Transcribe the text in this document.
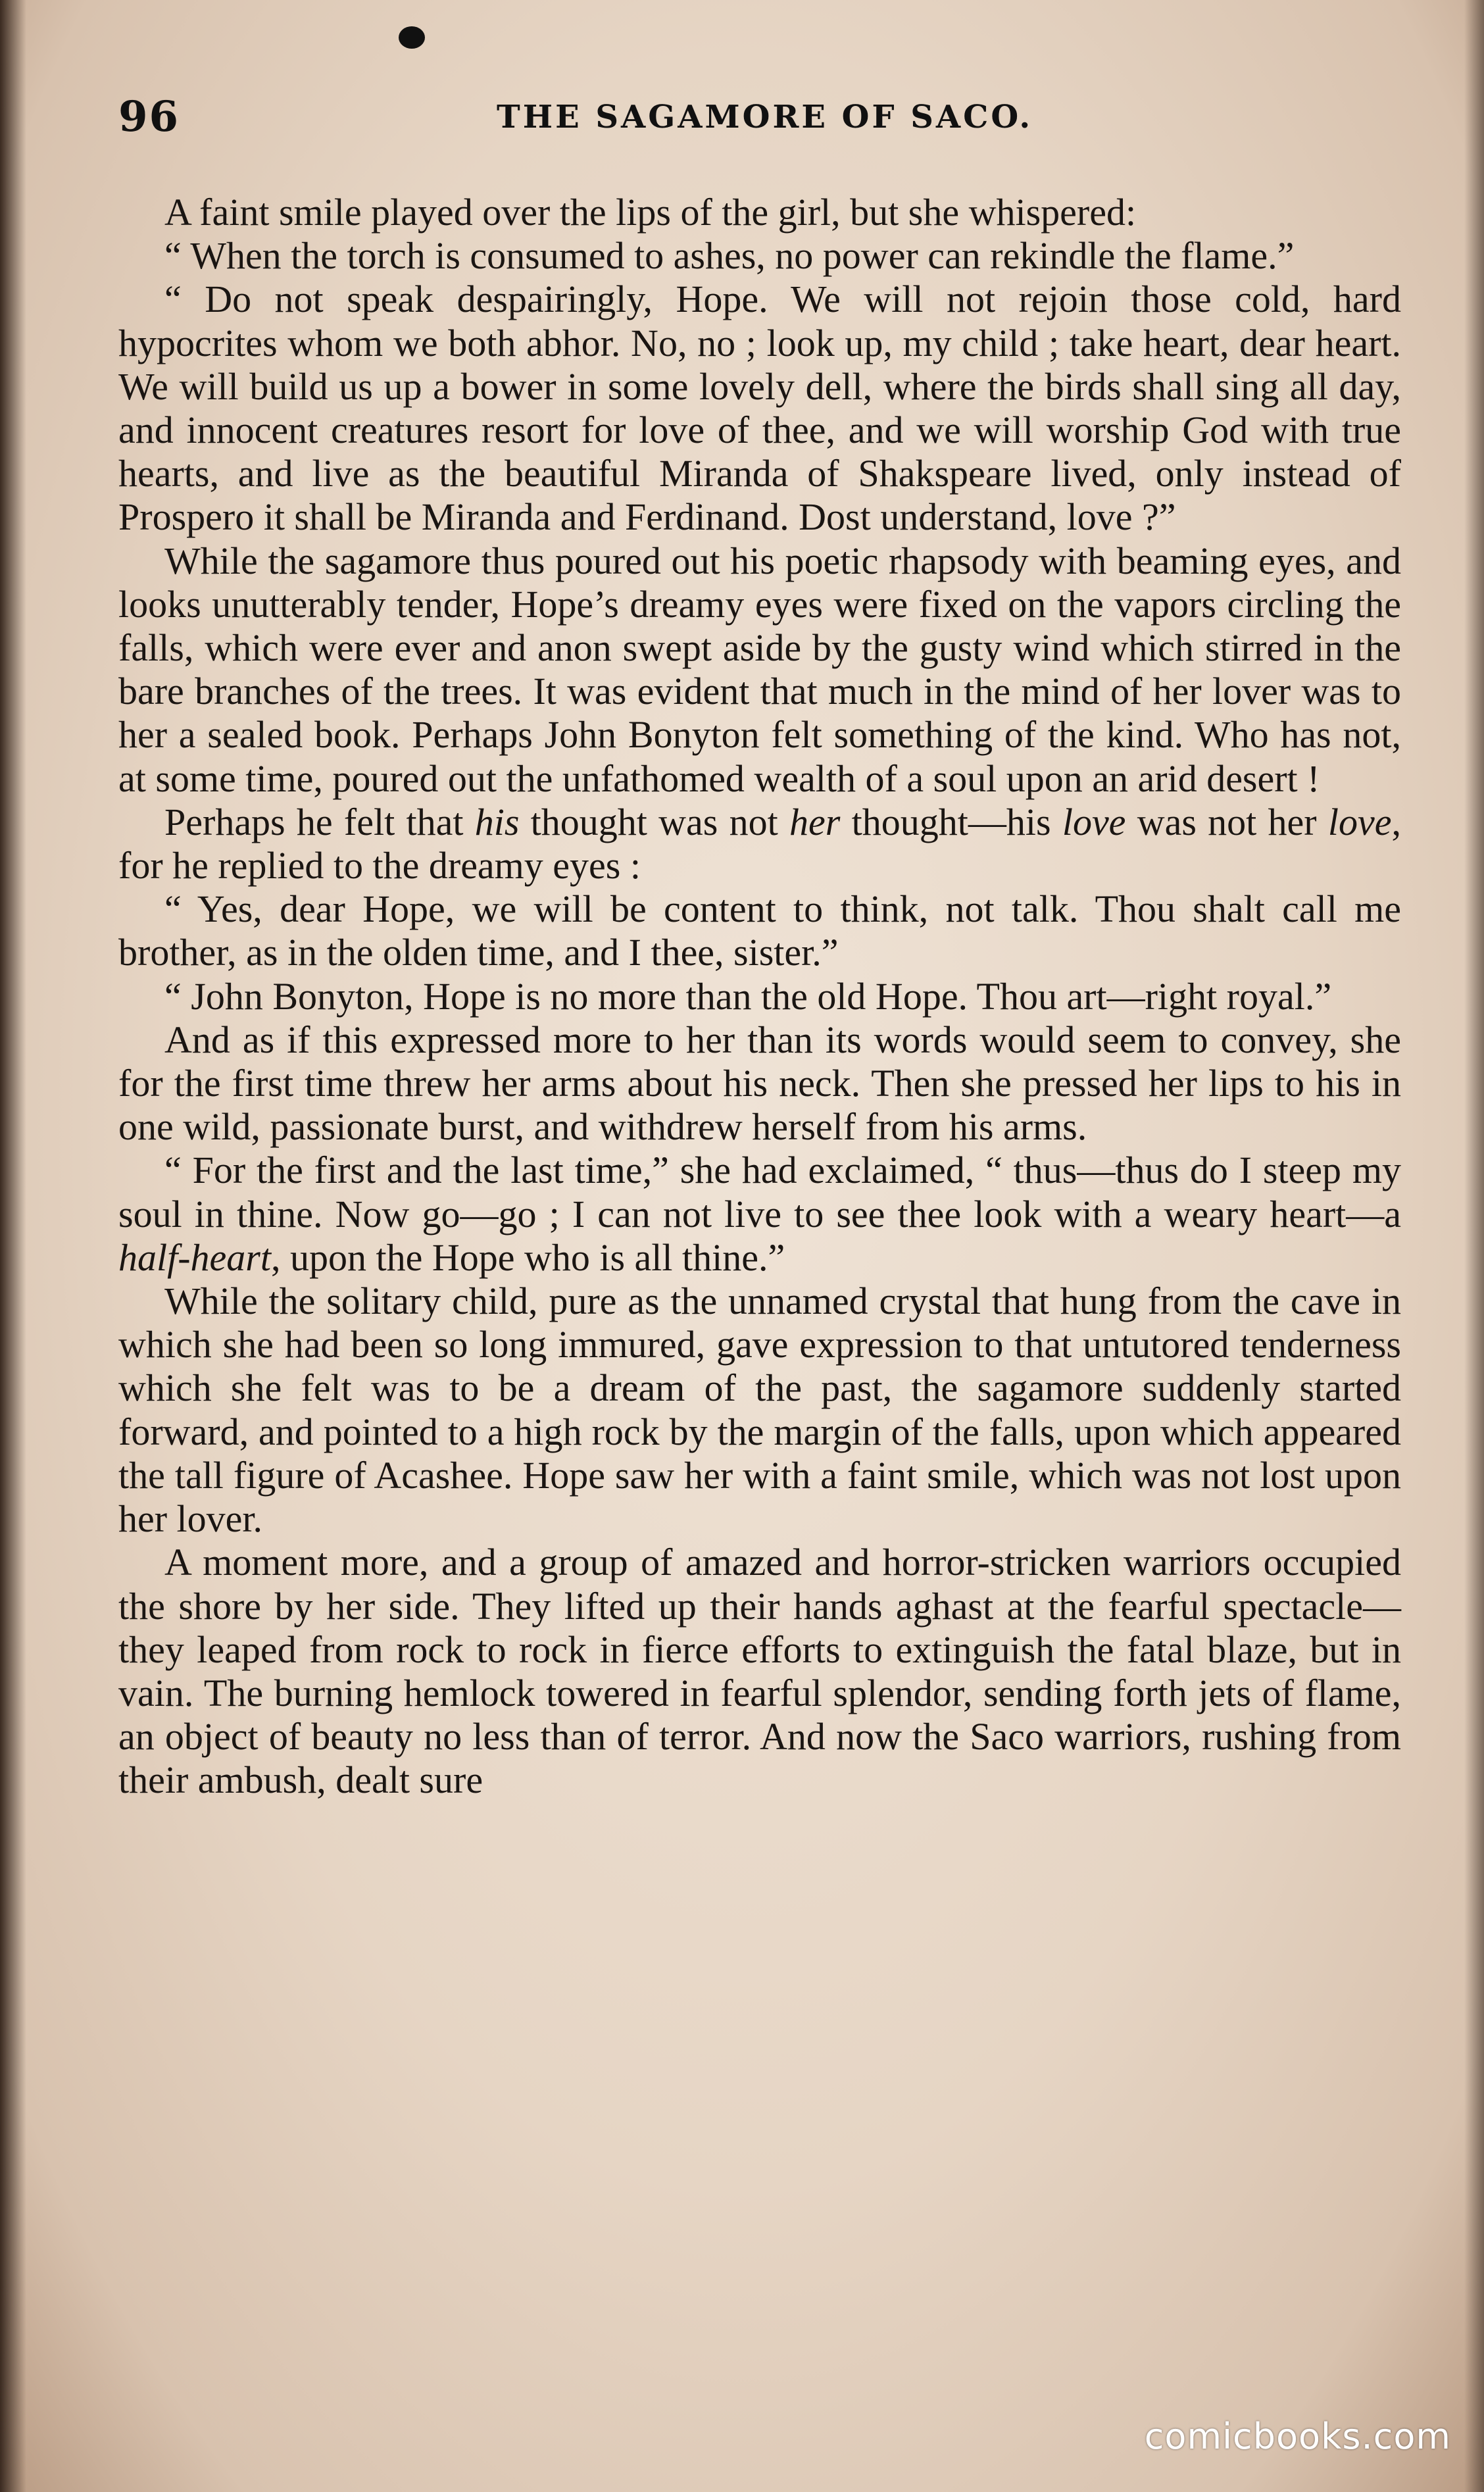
96	THE SAGAMORE OF SACO.

A faint smile played over the lips of the girl, but she whispered:

“ When the torch is consumed to ashes, no power can rekindle the flame.”

“ Do not speak despairingly, Hope. We will not rejoin those cold, hard hypocrites whom we both abhor. No, no ; look up, my child ; take heart, dear heart. We will build us up a bower in some lovely dell, where the birds shall sing all day, and innocent creatures resort for love of thee, and we will worship God with true hearts, and live as the beautiful Miranda of Shakspeare lived, only instead of Prospero it shall be Miranda and Ferdinand. Dost understand, love ?”

While the sagamore thus poured out his poetic rhapsody with beaming eyes, and looks unutterably tender, Hope’s dreamy eyes were fixed on the vapors circling the falls, which were ever and anon swept aside by the gusty wind which stirred in the bare branches of the trees. It was evident that much in the mind of her lover was to her a sealed book. Perhaps John Bonyton felt something of the kind. Who has not, at some time, poured out the unfathomed wealth of a soul upon an arid desert !

Perhaps he felt that his thought was not her thought—his love was not her love, for he replied to the dreamy eyes :

“ Yes, dear Hope, we will be content to think, not talk. Thou shalt call me brother, as in the olden time, and I thee, sister.”

“ John Bonyton, Hope is no more than the old Hope. Thou art—right royal.”

And as if this expressed more to her than its words would seem to convey, she for the first time threw her arms about his neck. Then she pressed her lips to his in one wild, passionate burst, and withdrew herself from his arms.

“ For the first and the last time,” she had exclaimed, “ thus—thus do I steep my soul in thine. Now go—go ; I can not live to see thee look with a weary heart—a half-heart, upon the Hope who is all thine.”

While the solitary child, pure as the unnamed crystal that hung from the cave in which she had been so long immured, gave expression to that untutored tenderness which she felt was to be a dream of the past, the sagamore suddenly started forward, and pointed to a high rock by the margin of the falls, upon which appeared the tall figure of Acashee. Hope saw her with a faint smile, which was not lost upon her lover.

A moment more, and a group of amazed and horror-stricken warriors occupied the shore by her side. They lifted up their hands aghast at the fearful spectacle—they leaped from rock to rock in fierce efforts to extinguish the fatal blaze, but in vain. The burning hemlock towered in fearful splendor, sending forth jets of flame, an object of beauty no less than of terror. And now the Saco warriors, rushing from their ambush, dealt sure

comicbooks.com
